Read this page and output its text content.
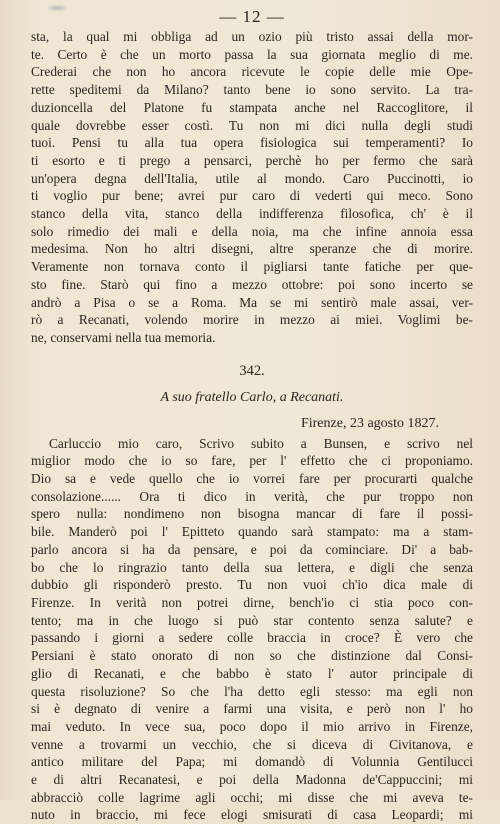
— 12 —
sta, la qual mi obbliga ad un ozio più tristo assai della mor-
te. Certo è che un morto passa la sua giornata meglio di me.
Crederai che non ho ancora ricevute le copie delle mie Ope-
rette speditemi da Milano? tanto bene io sono servito. La tra-
duzioncella del Platone fu stampata anche nel Raccoglitore, il
quale dovrebbe esser costì. Tu non mi dici nulla degli studi
tuoi. Pensi tu alla tua opera fisiologica sui temperamenti? Io
ti esorto e ti prego a pensarci, perchè ho per fermo che sarà
un'opera degna dell'Italia, utile al mondo. Caro Puccinotti, io
ti voglio pur bene; avrei pur caro di vederti qui meco. Sono
stanco della vita, stanco della indifferenza filosofica, ch' è il
solo rimedio dei mali e della noia, ma che infine annoia essa
medesima. Non ho altri disegni, altre speranze che di morire.
Veramente non tornava conto il pigliarsi tante fatiche per que-
sto fine. Starò qui fino a mezzo ottobre: poi sono incerto se
andrò a Pisa o se a Roma. Ma se mi sentirò male assai, ver-
rò a Recanati, volendo morire in mezzo ai miei. Voglimi be-
ne, conservami nella tua memoria.
342.
A suo fratello Carlo, a Recanati.
Firenze, 23 agosto 1827.
Carluccio mio caro, Scrivo subito a Bunsen, e scrivo nel
miglior modo che io so fare, per l' effetto che ci proponiamo.
Dio sa e vede quello che io vorrei fare per procurarti qualche
consolazione...... Ora ti dico in verità, che pur troppo non
spero nulla: nondimeno non bisogna mancar di fare il possi-
bile. Manderò poi l' Epitteto quando sarà stampato: ma a stam-
parlo ancora si ha da pensare, e poi da cominciare. Di' a bab-
bo che lo ringrazio tanto della sua lettera, e digli che senza
dubbio gli risponderò presto. Tu non vuoi ch'io dica male di
Firenze. In verità non potrei dirne, bench'io ci stia poco con-
tento; ma in che luogo si può star contento senza salute? e
passando i giorni a sedere colle braccia in croce? È vero che
Persiani è stato onorato di non so che distinzione dal Consi-
glio di Recanati, e che babbo è stato l' autor principale di
questa risoluzione? So che l'ha detto egli stesso: ma egli non
si è degnato di venire a farmi una visita, e però non l' ho
mai veduto. In vece sua, poco dopo il mio arrivo in Firenze,
venne a trovarmi un vecchio, che si diceva di Civitanova, e
antico militare del Papa; mi domandò di Volunnia Gentilucci
e di altri Recanatesi, e poi della Madonna de'Cappuccini; mi
abbracciò colle lagrime agli occhi; mi disse che mi aveva te-
nuto in braccio, mi fece elogi smisurati di casa Leopardi; mi
